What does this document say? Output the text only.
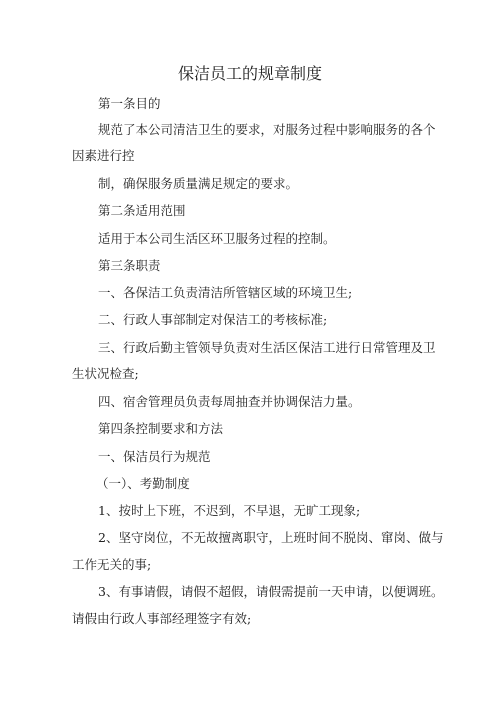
保洁员工的规章制度
第一条目的
规范了本公司清洁卫生的要求，对服务过程中影响服务的各个
因素进行控
制，确保服务质量满足规定的要求。
第二条适用范围
适用于本公司生活区环卫服务过程的控制。
第三条职责
一、各保洁工负责清洁所管辖区域的环境卫生;
二、行政人事部制定对保洁工的考核标准;
三、行政后勤主管领导负责对生活区保洁工进行日常管理及卫
生状况检查;
四、宿舍管理员负责每周抽查并协调保洁力量。
第四条控制要求和方法
一、保洁员行为规范
（一）、考勤制度
1、按时上下班，不迟到，不早退，无旷工现象;
2、坚守岗位，不无故擅离职守，上班时间不脱岗、窜岗、做与
工作无关的事;
3、有事请假，请假不超假，请假需提前一天申请，以便调班。
请假由行政人事部经理签字有效;
